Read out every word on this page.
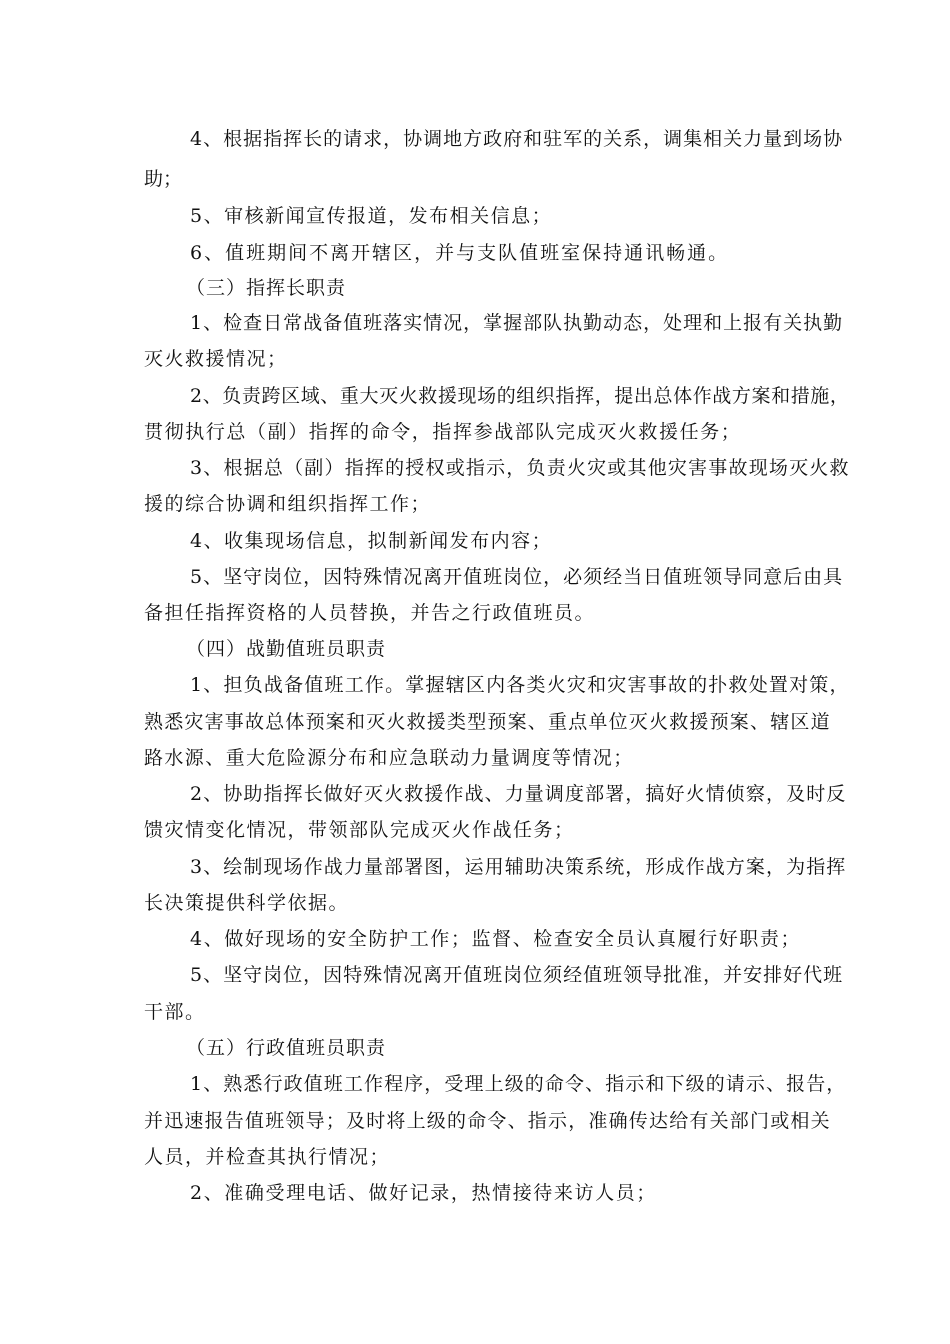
4、根据指挥长的请求，协调地方政府和驻军的关系，调集相关力量到场协
助；
5、审核新闻宣传报道，发布相关信息；
6、值班期间不离开辖区，并与支队值班室保持通讯畅通。
（三）指挥长职责
1、检查日常战备值班落实情况，掌握部队执勤动态，处理和上报有关执勤
灭火救援情况；
2、负责跨区域、重大灭火救援现场的组织指挥，提出总体作战方案和措施，
贯彻执行总（副）指挥的命令，指挥参战部队完成灭火救援任务；
3、根据总（副）指挥的授权或指示，负责火灾或其他灾害事故现场灭火救
援的综合协调和组织指挥工作；
4、收集现场信息，拟制新闻发布内容；
5、坚守岗位，因特殊情况离开值班岗位，必须经当日值班领导同意后由具
备担任指挥资格的人员替换，并告之行政值班员。
（四）战勤值班员职责
1、担负战备值班工作。掌握辖区内各类火灾和灾害事故的扑救处置对策，
熟悉灾害事故总体预案和灭火救援类型预案、重点单位灭火救援预案、辖区道
路水源、重大危险源分布和应急联动力量调度等情况；
2、协助指挥长做好灭火救援作战、力量调度部署，搞好火情侦察，及时反
馈灾情变化情况，带领部队完成灭火作战任务；
3、绘制现场作战力量部署图，运用辅助决策系统，形成作战方案，为指挥
长决策提供科学依据。
4、做好现场的安全防护工作；监督、检查安全员认真履行好职责；
5、坚守岗位，因特殊情况离开值班岗位须经值班领导批准，并安排好代班
干部。
（五）行政值班员职责
1、熟悉行政值班工作程序，受理上级的命令、指示和下级的请示、报告，
并迅速报告值班领导；及时将上级的命令、指示，准确传达给有关部门或相关
人员，并检查其执行情况；
2、准确受理电话、做好记录，热情接待来访人员；
